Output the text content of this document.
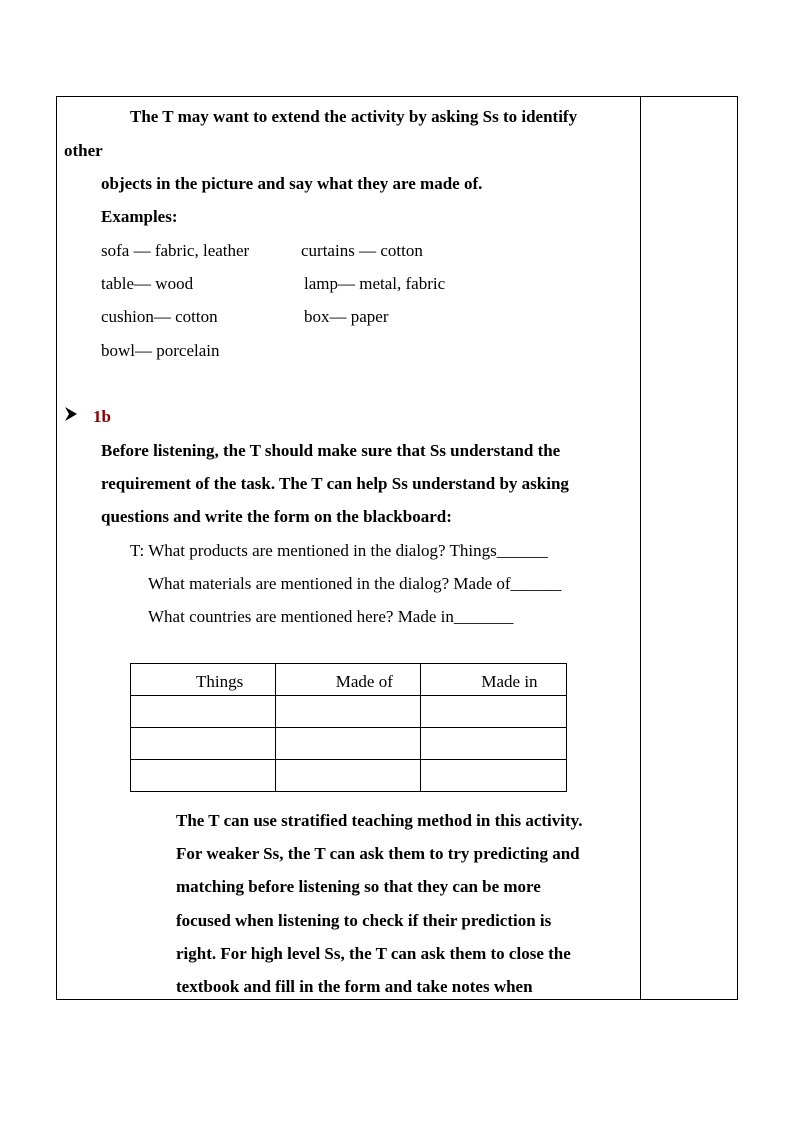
The T may want to extend the activity by asking Ss to identify
other
objects in the picture and say what they are made of.
Examples:
sofa — fabric, leather	curtains — cotton
table— wood	lamp— metal, fabric
cushion— cotton	box— paper
bowl— porcelain
1b
Before listening, the T should make sure that Ss understand the
requirement of the task. The T can help Ss understand by asking
questions and write the form on the blackboard:
T: What products are mentioned in the dialog? Things______
What materials are mentioned in the dialog? Made of______
What countries are mentioned here? Made in_______
Things	Made of	Made in

The T can use stratified teaching method in this activity.
For weaker Ss, the T can ask them to try predicting and
matching before listening so that they can be more
focused when listening to check if their prediction is
right. For high level Ss, the T can ask them to close the
textbook and fill in the form and take notes when
